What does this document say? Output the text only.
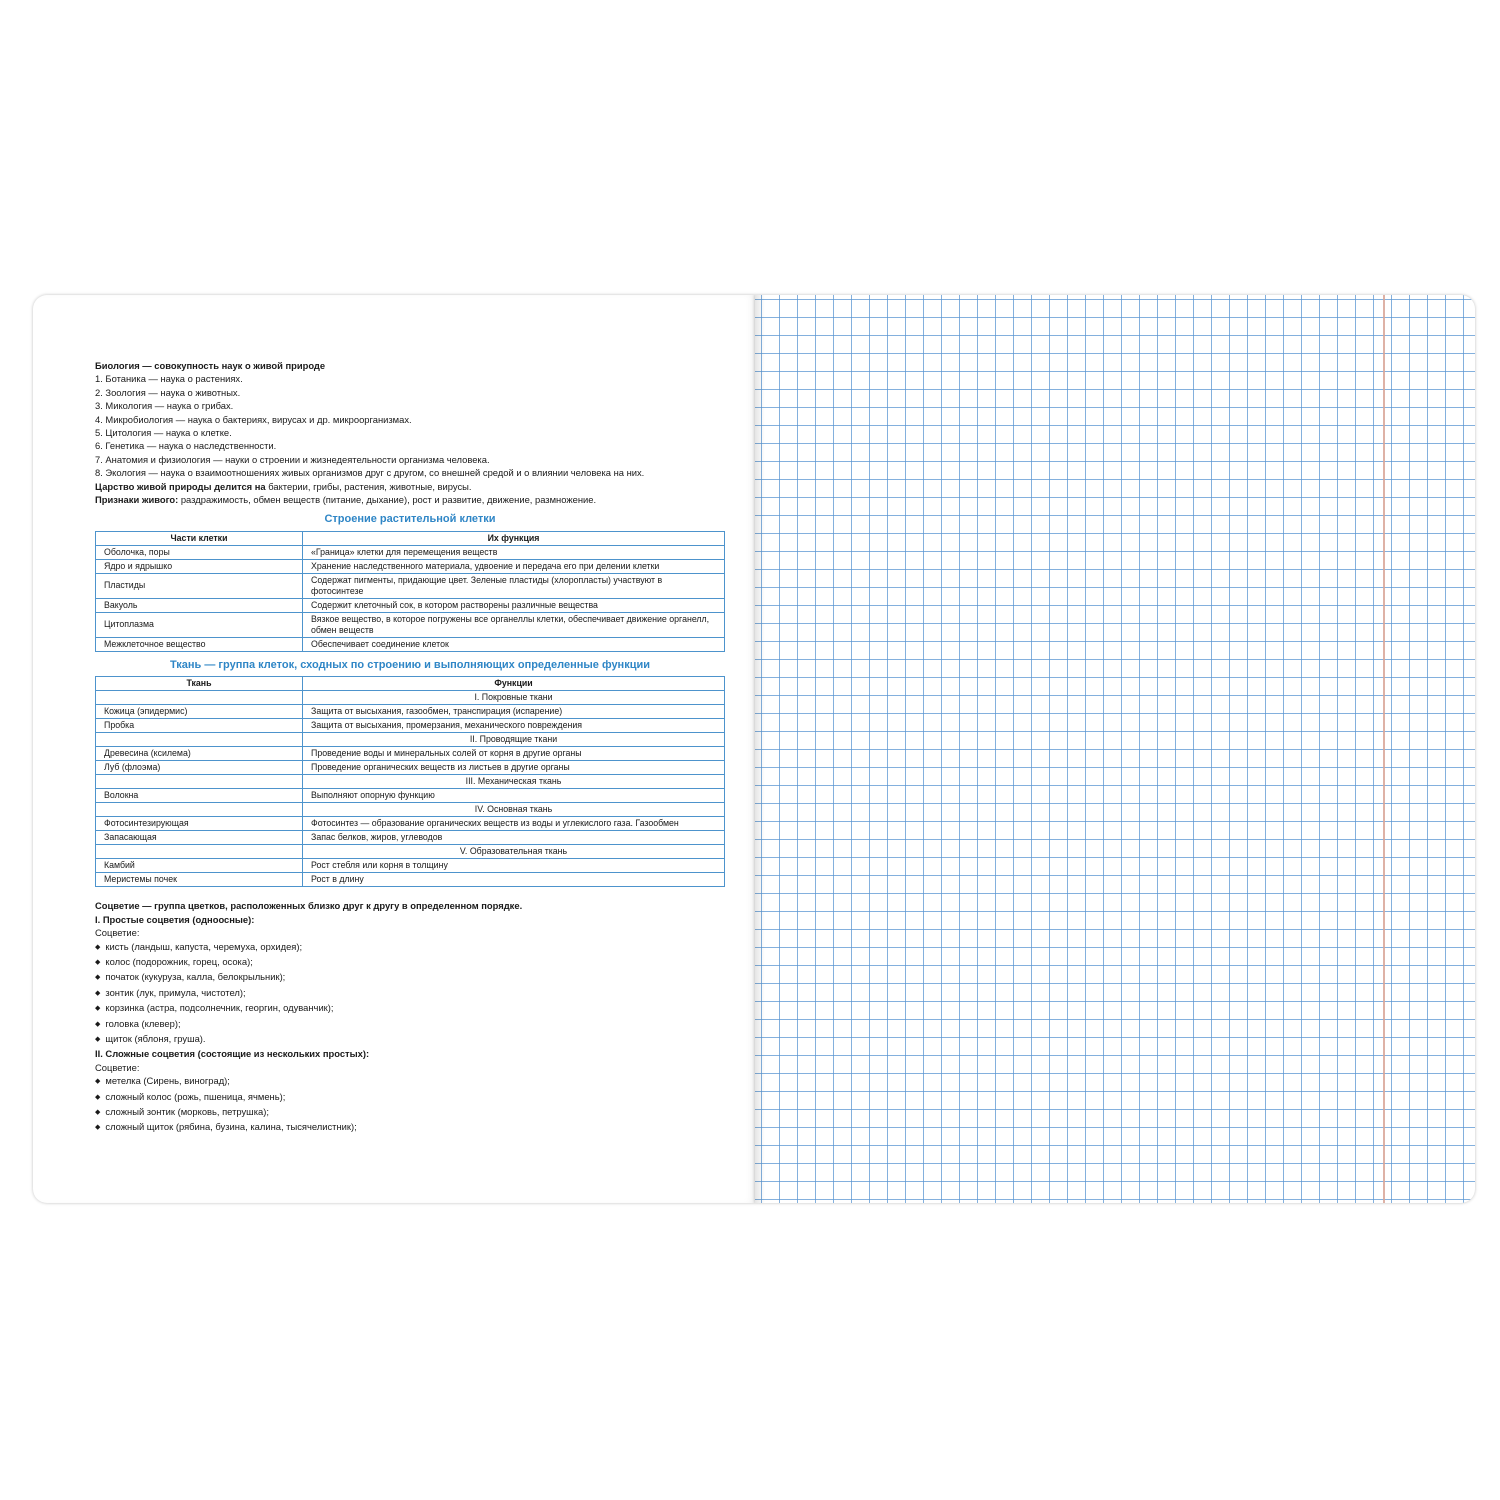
Биология — совокупность наук о живой природе

1. Ботаника — наука о растениях.

2. Зоология — наука о животных.

3. Микология — наука о грибах.

4. Микробиология — наука о бактериях, вирусах и др. микроорганизмах.

5. Цитология — наука о клетке.

6. Генетика — наука о наследственности.

7. Анатомия и физиология — науки о строении и жизнедеятельности организма человека.

8. Экология — наука о взаимоотношениях живых организмов друг с другом, со внешней средой и о влиянии человека на них.

Царство живой природы делится на бактерии, грибы, растения, животные, вирусы.

Признаки живого: раздражимость, обмен веществ (питание, дыхание), рост и развитие, движение, размножение.

Строение растительной клетки
Части клетки	Их функция
Оболочка, поры	«Граница» клетки для перемещения веществ
Ядро и ядрышко	Хранение наследственного материала, удвоение и передача его при делении клетки
Пластиды	Содержат пигменты, придающие цвет. Зеленые пластиды (хлоропласты) участвуют в фотосинтезе
Вакуоль	Содержит клеточный сок, в котором растворены различные вещества
Цитоплазма	Вязкое вещество, в которое погружены все органеллы клетки, обеспечивает движение органелл, обмен веществ
Межклеточное вещество	Обеспечивает соединение клеток
Ткань — группа клеток, сходных по строению и выполняющих определенные функции
Ткань	Функции
	I. Покровные ткани
Кожица (эпидермис)	Защита от высыхания, газообмен, транспирация (испарение)
Пробка	Защита от высыхания, промерзания, механического повреждения
	II. Проводящие ткани
Древесина (ксилема)	Проведение воды и минеральных солей от корня в другие органы
Луб (флоэма)	Проведение органических веществ из листьев в другие органы
	III. Механическая ткань
Волокна	Выполняют опорную функцию
	IV. Основная ткань
Фотосинтезирующая	Фотосинтез — образование органических веществ из воды и углекислого газа. Газообмен
Запасающая	Запас белков, жиров, углеводов
	V. Образовательная ткань
Камбий	Рост стебля или корня в толщину
Меристемы почек	Рост в длину

Соцветие — группа цветков, расположенных близко друг к другу в определенном порядке.

I. Простые соцветия (одноосные):

Соцветие:

◆ кисть (ландыш, капуста, черемуха, орхидея);

◆ колос (подорожник, горец, осока);

◆ початок (кукуруза, калла, белокрыльник);

◆ зонтик (лук, примула, чистотел);

◆ корзинка (астра, подсолнечник, георгин, одуванчик);

◆ головка (клевер);

◆ щиток (яблоня, груша).

II. Сложные соцветия (состоящие из нескольких простых):

Соцветие:

◆ метелка (Сирень, виноград);

◆ сложный колос (рожь, пшеница, ячмень);

◆ сложный зонтик (морковь, петрушка);

◆ сложный щиток (рябина, бузина, калина, тысячелистник);
